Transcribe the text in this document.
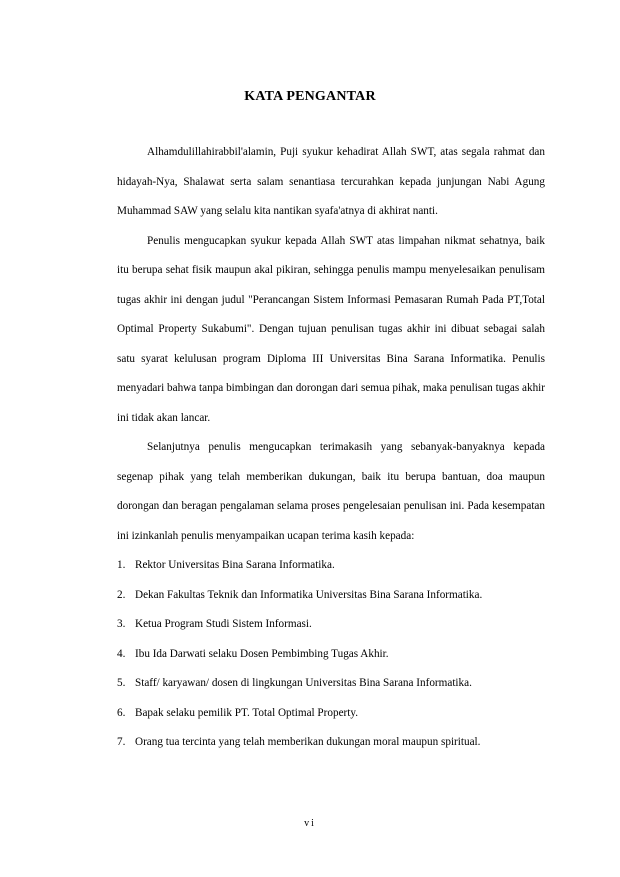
KATA PENGANTAR

Alhamdulillahirabbil'alamin, Puji syukur kehadirat Allah SWT, atas segala rahmat dan hidayah-Nya, Shalawat serta salam senantiasa tercurahkan kepada junjungan Nabi Agung Muhammad SAW yang selalu kita nantikan syafa'atnya di akhirat nanti.

Penulis mengucapkan syukur kepada Allah SWT atas limpahan nikmat sehatnya, baik itu berupa sehat fisik maupun akal pikiran, sehingga penulis mampu menyelesaikan penulisam tugas akhir ini dengan judul "Perancangan Sistem Informasi Pemasaran Rumah Pada PT,Total Optimal Property Sukabumi". Dengan tujuan penulisan tugas akhir ini dibuat sebagai salah satu syarat kelulusan program Diploma III Universitas Bina Sarana Informatika. Penulis menyadari bahwa tanpa bimbingan dan dorongan dari semua pihak, maka penulisan tugas akhir ini tidak akan lancar.

Selanjutnya penulis mengucapkan terimakasih yang sebanyak-banyaknya kepada segenap pihak yang telah memberikan dukungan, baik itu berupa bantuan, doa maupun dorongan dan beragan pengalaman selama proses pengelesaian penulisan ini. Pada kesempatan ini izinkanlah penulis menyampaikan ucapan terima kasih kepada:

1. Rektor Universitas Bina Sarana Informatika.
2. Dekan Fakultas Teknik dan Informatika Universitas Bina Sarana Informatika.
3. Ketua Program Studi Sistem Informasi.
4. Ibu Ida Darwati selaku Dosen Pembimbing Tugas Akhir.
5. Staff/ karyawan/ dosen di lingkungan Universitas Bina Sarana Informatika.
6. Bapak selaku pemilik PT. Total Optimal Property.
7. Orang tua tercinta yang telah memberikan dukungan moral maupun spiritual.
vi
